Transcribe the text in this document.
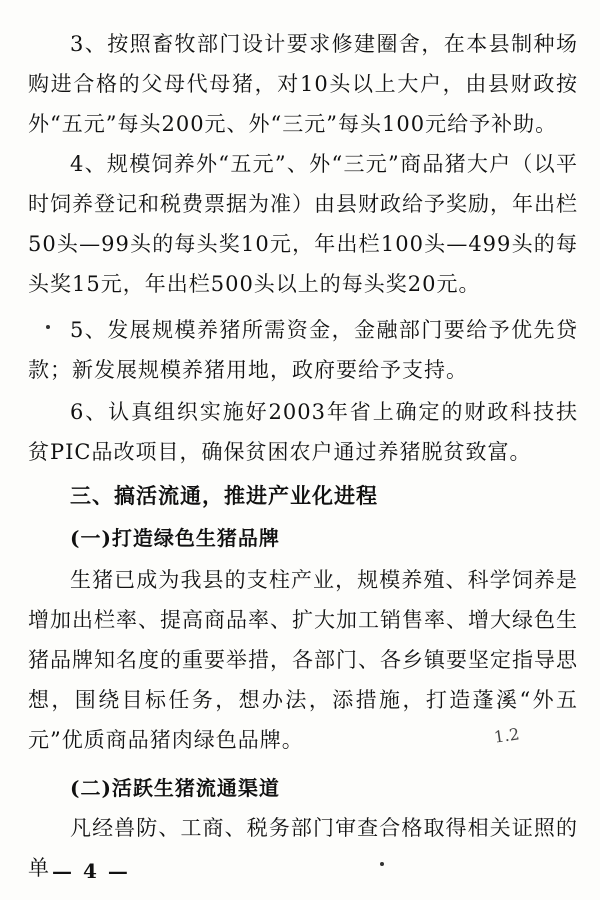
3、按照畜牧部门设计要求修建圈舍，在本县制种场购进合格的父母代母猪，对10头以上大户，由县财政按外“五元”每头200元、外“三元”每头100元给予补助。

4、规模饲养外“五元”、外“三元”商品猪大户（以平时饲养登记和税费票据为准）由县财政给予奖励，年出栏50头—99头的每头奖10元，年出栏100头—499头的每头奖15元，年出栏500头以上的每头奖20元。

5、发展规模养猪所需资金，金融部门要给予优先贷款；新发展规模养猪用地，政府要给予支持。

6、认真组织实施好2003年省上确定的财政科技扶贫PIC品改项目，确保贫困农户通过养猪脱贫致富。

三、搞活流通，推进产业化进程
(一)打造绿色生猪品牌

生猪已成为我县的支柱产业，规模养殖、科学饲养是增加出栏率、提高商品率、扩大加工销售率、增大绿色生猪品牌知名度的重要举措，各部门、各乡镇要坚定指导思想，围绕目标任务，想办法，添措施，打造蓬溪“外五元”优质商品猪肉绿色品牌。

(二)活跃生猪流通渠道

凡经兽防、工商、税务部门审查合格取得相关证照的单

1.2
— 4 —
